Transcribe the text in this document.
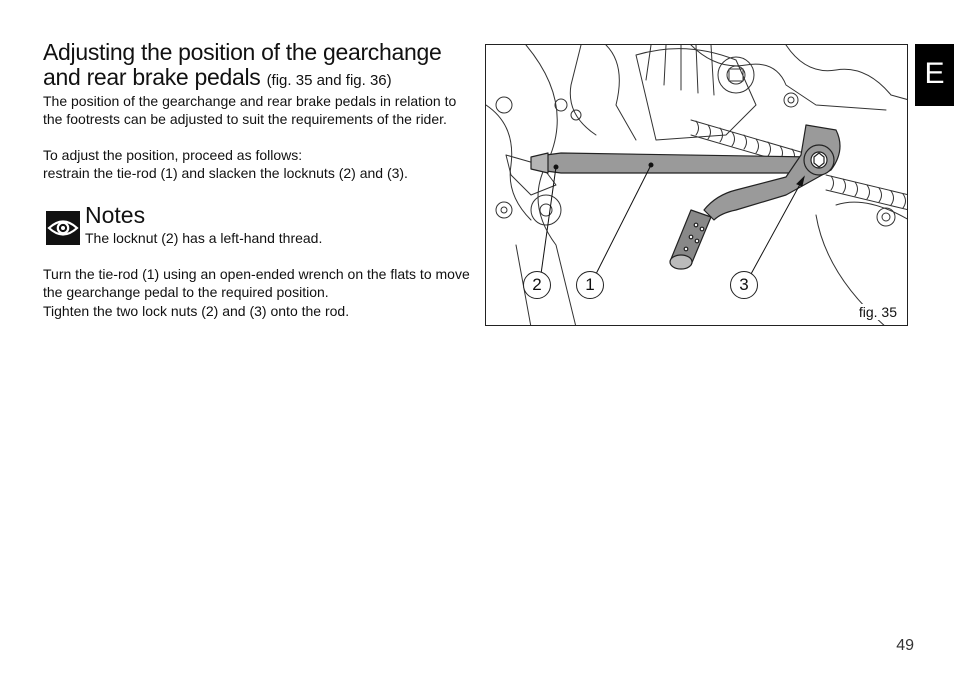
Adjusting the position of the gearchange and rear brake pedals (fig. 35 and fig. 36)

The position of the gearchange and rear brake pedals in relation to the footrests can be adjusted to suit the requirements of the rider.

To adjust the position, proceed as follows:

restrain the tie-rod (1) and slacken the locknuts (2) and (3).

Notes
The locknut (2) has a left-hand thread.

Turn the tie-rod (1) using an open-ended wrench on the flats to move the gearchange pedal to the required position.

Tighten the two lock nuts (2) and (3) onto the rod.

2	1	3
fig. 35
E
49
